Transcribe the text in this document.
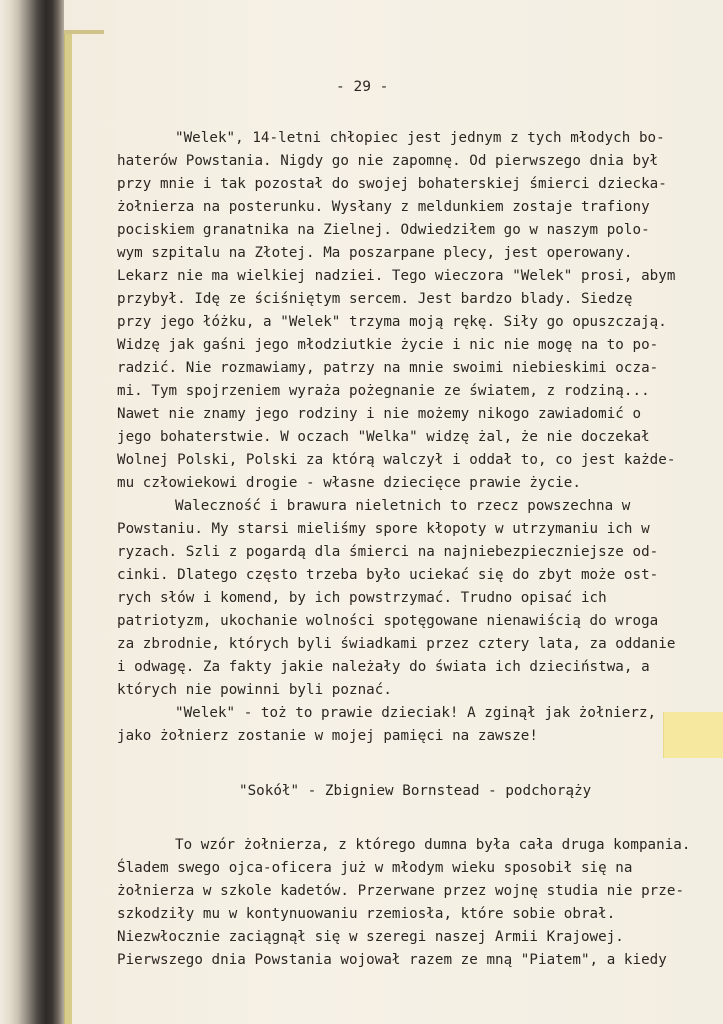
- 29 -
"Welek", 14-letni chłopiec jest jednym z tych młodych bo-
haterów Powstania. Nigdy go nie zapomnę. Od pierwszego dnia był
przy mnie i tak pozostał do swojej bohaterskiej śmierci dziecka-
żołnierza na posterunku. Wysłany z meldunkiem zostaje trafiony
pociskiem granatnika na Zielnej. Odwiedziłem go w naszym polo-
wym szpitalu na Złotej. Ma poszarpane plecy, jest operowany.
Lekarz nie ma wielkiej nadziei. Tego wieczora "Welek" prosi, abym
przybył. Idę ze ściśniętym sercem. Jest bardzo blady. Siedzę
przy jego łóżku, a "Welek" trzyma moją rękę. Siły go opuszczają.
Widzę jak gaśni jego młodziutkie życie i nic nie mogę na to po-
radzić. Nie rozmawiamy, patrzy na mnie swoimi niebieskimi ocza-
mi. Tym spojrzeniem wyraża pożegnanie ze światem, z rodziną...
Nawet nie znamy jego rodziny i nie możemy nikogo zawiadomić o
jego bohaterstwie. W oczach "Welka" widzę żal, że nie doczekał
Wolnej Polski, Polski za którą walczył i oddał to, co jest każde-
mu człowiekowi drogie - własne dziecięce prawie życie.
Waleczność i brawura nieletnich to rzecz powszechna w
Powstaniu. My starsi mieliśmy spore kłopoty w utrzymaniu ich w
ryzach. Szli z pogardą dla śmierci na najniebezpieczniejsze od-
cinki. Dlatego często trzeba było uciekać się do zbyt może ost-
rych słów i komend, by ich powstrzymać. Trudno opisać ich
patriotyzm, ukochanie wolności spotęgowane nienawiścią do wroga
za zbrodnie, których byli świadkami przez cztery lata, za oddanie
i odwagę. Za fakty jakie należały do świata ich dzieciństwa, a
których nie powinni byli poznać.
"Welek" - toż to prawie dzieciak! A zginął jak żołnierz,
jako żołnierz zostanie w mojej pamięci na zawsze!
"Sokół" - Zbigniew Bornstead - podchorąży
To wzór żołnierza, z którego dumna była cała druga kompania.
Śladem swego ojca-oficera już w młodym wieku sposobił się na
żołnierza w szkole kadetów. Przerwane przez wojnę studia nie prze-
szkodziły mu w kontynuowaniu rzemiosła, które sobie obrał.
Niezwłocznie zaciągnął się w szeregi naszej Armii Krajowej.
Pierwszego dnia Powstania wojował razem ze mną "Piatem", a kiedy
